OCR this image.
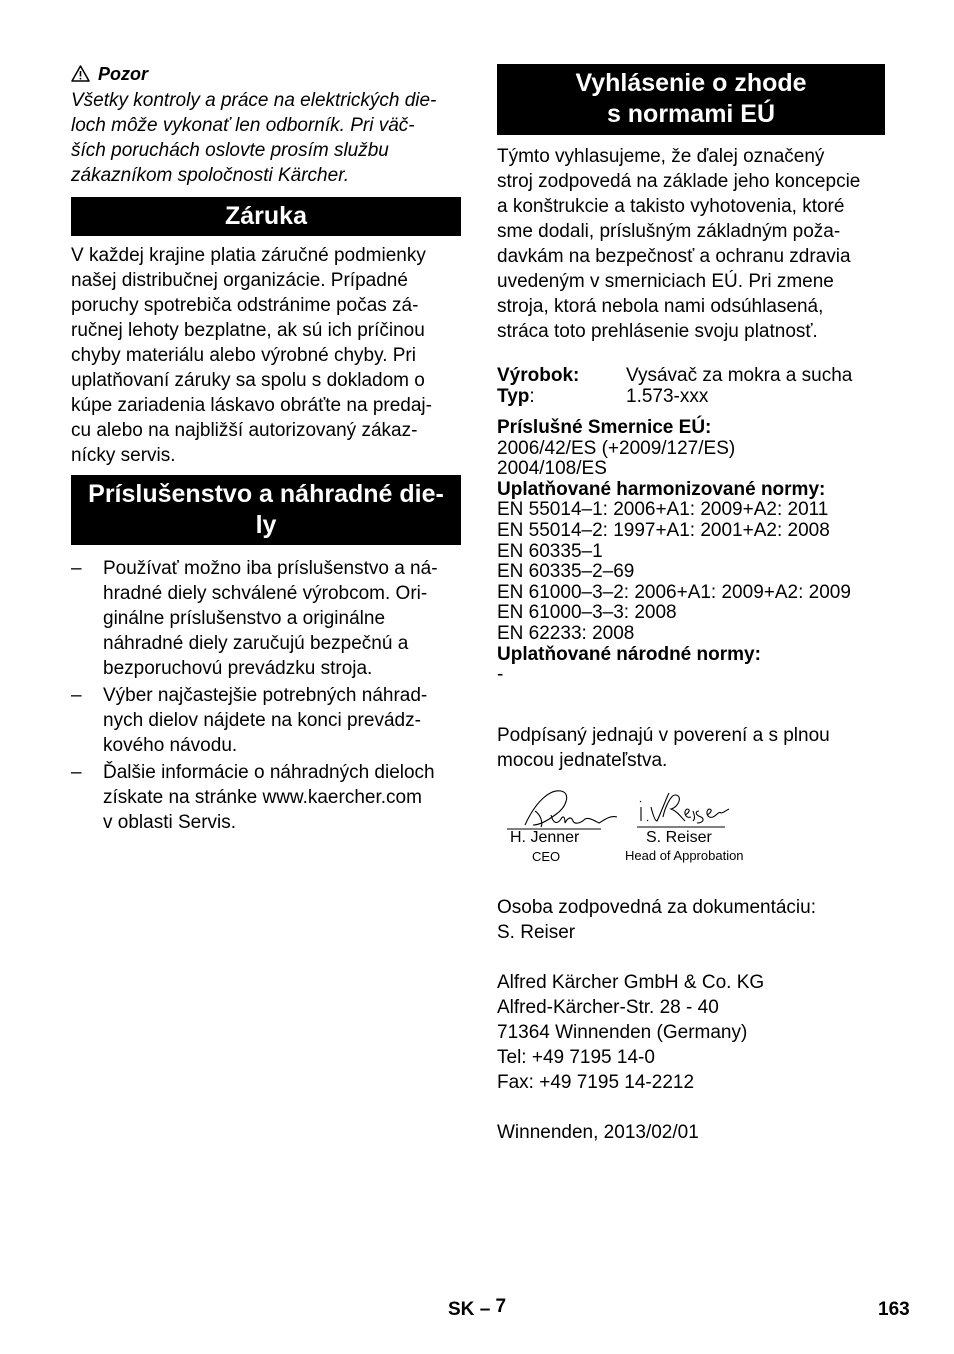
Pozor
Všetky kontroly a práce na elektrických die-
loch môže vykonať len odborník. Pri väč-
ších poruchách oslovte prosím službu
zákazníkom spoločnosti Kärcher.
Záruka
V každej krajine platia záručné podmienky
našej distribučnej organizácie. Prípadné
poruchy spotrebiča odstránime počas zá-
ručnej lehoty bezplatne, ak sú ich príčinou
chyby materiálu alebo výrobné chyby. Pri
uplatňovaní záruky sa spolu s dokladom o
kúpe zariadenia láskavo obráťte na predaj-
cu alebo na najbližší autorizovaný zákaz-
nícky servis.
Príslušenstvo a náhradné die-
ly
– Používať možno iba príslušenstvo a ná-
hradné diely schválené výrobcom. Ori-
ginálne príslušenstvo a originálne
náhradné diely zaručujú bezpečnú a
bezporuchovú prevádzku stroja.
– Výber najčastejšie potrebných náhrad-
nych dielov nájdete na konci prevádz-
kového návodu.
– Ďalšie informácie o náhradných dieloch
získate na stránke www.kaercher.com
v oblasti Servis.
Vyhlásenie o zhode
s normami EÚ
Týmto vyhlasujeme, že ďalej označený
stroj zodpovedá na základe jeho koncepcie
a konštrukcie a takisto vyhotovenia, ktoré
sme dodali, príslušným základným poža-
davkám na bezpečnosť a ochranu zdravia
uvedeným v smerniciach EÚ. Pri zmene
stroja, ktorá nebola nami odsúhlasená,
stráca toto prehlásenie svoju platnosť.
Výrobok: Vysávač za mokra a sucha
Typ:	1.573-xxx
Príslušné Smernice EÚ:
2006/42/ES (+2009/127/ES)
2004/108/ES
Uplatňované harmonizované normy:
EN 55014–1: 2006+A1: 2009+A2: 2011
EN 55014–2: 1997+A1: 2001+A2: 2008
EN 60335–1
EN 60335–2–69
EN 61000–3–2: 2006+A1: 2009+A2: 2009
EN 61000–3–3: 2008
EN 62233: 2008
Uplatňované národné normy:
-
Podpísaný jednajú v poverení a s plnou
mocou jednateľstva.
H. Jenner
CEO
S. Reiser
Head of Approbation
Osoba zodpovedná za dokumentáciu:
S. Reiser
Alfred Kärcher GmbH & Co. KG
Alfred-Kärcher-Str. 28 - 40
71364 Winnenden (Germany)
Tel: +49 7195 14-0
Fax: +49 7195 14-2212
Winnenden, 2013/02/01
SK – 7	163
